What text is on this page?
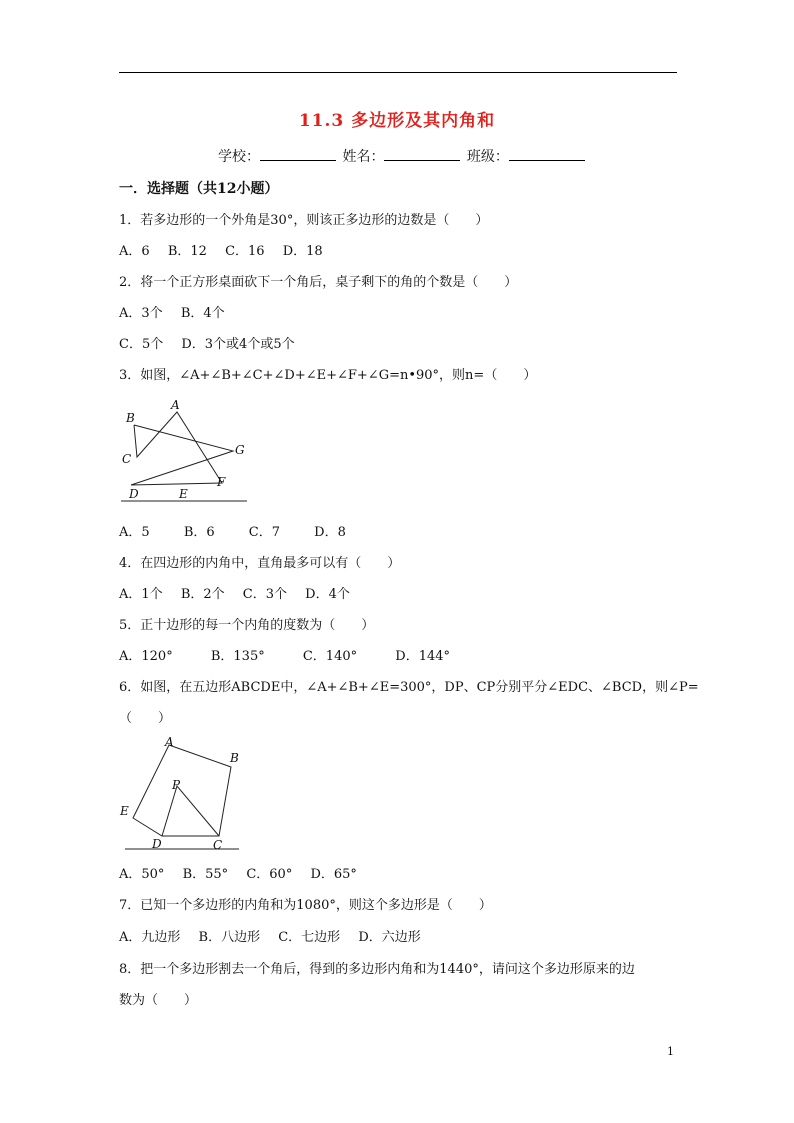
11.3 多边形及其内角和
学校：	姓名：	班级：
一．选择题（共12小题）
1．若多边形的一个外角是30°，则该正多边形的边数是（　　）
A．6 B．12 C．16 D．18
2．将一个正方形桌面砍下一个角后，桌子剩下的角的个数是（　　）
A．3个 B．4个
C．5个 D．3个或4个或5个
3．如图，∠A+∠B+∠C+∠D+∠E+∠F+∠G=n•90°，则n=（　　）
A
B
C
D	E
F
G
A．5	B．6	C．7	D．8
4．在四边形的内角中，直角最多可以有（　　）
A．1个 B．2个 C．3个 D．4个
5．正十边形的每一个内角的度数为（　　）
A．120°	B．135°	C．140°	D．144°
6．如图，在五边形ABCDE中，∠A+∠B+∠E=300°，DP、CP分别平分∠EDC、∠BCD，则∠P=
（　　）
A
B
C
D
E
P
A．50° B．55° C．60° D．65°
7．已知一个多边形的内角和为1080°，则这个多边形是（　　）
A．九边形 B．八边形 C．七边形 D．六边形
8．把一个多边形割去一个角后，得到的多边形内角和为1440°，请问这个多边形原来的边
数为（　　）
1
